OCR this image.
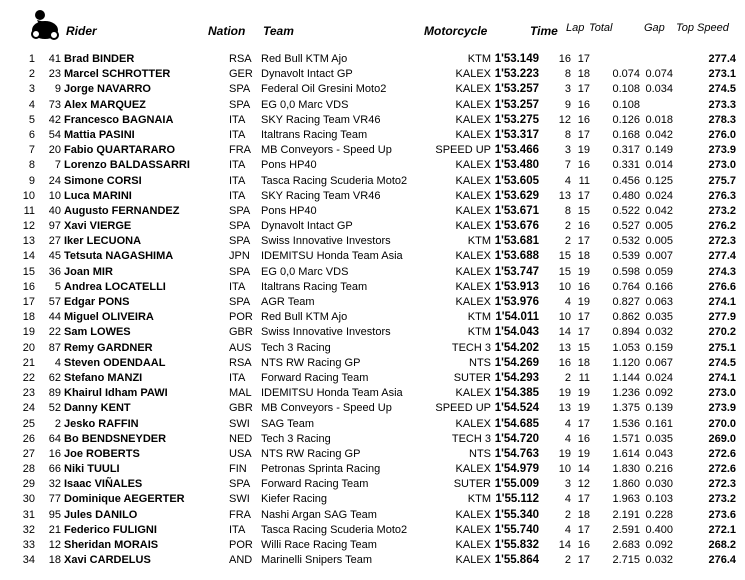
Rider	Nation Team	Motorcycle	Time Lap Total	Gap Top Speed
1 41 Brad BINDER	RSA Red Bull KTM Ajo	KTM 1'53.149 16 17	277.4
2 23 Marcel SCHROTTER	GER Dynavolt Intact GP	KALEX 1'53.223 8 18 0.074 0.074	273.1
3 9 Jorge NAVARRO	SPA Federal Oil Gresini Moto2	KALEX 1'53.257 3 17 0.108 0.034	274.5
4 73 Alex MARQUEZ	SPA EG 0,0 Marc VDS	KALEX 1'53.257 9 16 0.108	273.3
5 42 Francesco BAGNAIA	ITA SKY Racing Team VR46	KALEX 1'53.275 12 16 0.126 0.018	278.3
6 54 Mattia PASINI	ITA Italtrans Racing Team	KALEX 1'53.317 8 17 0.168 0.042	276.0
7 20 Fabio QUARTARARO	FRA MB Conveyors - Speed Up	SPEED UP 1'53.466 3 19 0.317 0.149	273.9
8 7 Lorenzo BALDASSARRI	ITA Pons HP40	KALEX 1'53.480 7 16 0.331 0.014	273.0
9 24 Simone CORSI	ITA Tasca Racing Scuderia Moto2	KALEX 1'53.605 4 11 0.456 0.125	275.7
10 10 Luca MARINI	ITA SKY Racing Team VR46	KALEX 1'53.629 13 17 0.480 0.024	276.3
11 40 Augusto FERNANDEZ	SPA Pons HP40	KALEX 1'53.671 8 15 0.522 0.042	273.2
12 97 Xavi VIERGE	SPA Dynavolt Intact GP	KALEX 1'53.676 2 16 0.527 0.005	276.2
13 27 Iker LECUONA	SPA Swiss Innovative Investors	KTM 1'53.681 2 17 0.532 0.005	272.3
14 45 Tetsuta NAGASHIMA	JPN IDEMITSU Honda Team Asia	KALEX 1'53.688 15 18 0.539 0.007	277.4
15 36 Joan MIR	SPA EG 0,0 Marc VDS	KALEX 1'53.747 15 19 0.598 0.059	274.3
16 5 Andrea LOCATELLI	ITA Italtrans Racing Team	KALEX 1'53.913 10 16 0.764 0.166	276.6
17 57 Edgar PONS	SPA AGR Team	KALEX 1'53.976 4 19 0.827 0.063	274.1
18 44 Miguel OLIVEIRA	POR Red Bull KTM Ajo	KTM 1'54.011 10 17 0.862 0.035	277.9
19 22 Sam LOWES	GBR Swiss Innovative Investors	KTM 1'54.043 14 17 0.894 0.032	270.2
20 87 Remy GARDNER	AUS Tech 3 Racing	TECH 3 1'54.202 13 15 1.053 0.159	275.1
21 4 Steven ODENDAAL	RSA NTS RW Racing GP	NTS 1'54.269 16 18 1.120 0.067	274.5
22 62 Stefano MANZI	ITA Forward Racing Team	SUTER 1'54.293 2 11 1.144 0.024	274.1
23 89 Khairul Idham PAWI	MAL IDEMITSU Honda Team Asia	KALEX 1'54.385 19 19 1.236 0.092	273.0
24 52 Danny KENT	GBR MB Conveyors - Speed Up	SPEED UP 1'54.524 13 19 1.375 0.139	273.9
25 2 Jesko RAFFIN	SWI SAG Team	KALEX 1'54.685 4 17 1.536 0.161	270.0
26 64 Bo BENDSNEYDER	NED Tech 3 Racing	TECH 3 1'54.720 4 16 1.571 0.035	269.0
27 16 Joe ROBERTS	USA NTS RW Racing GP	NTS 1'54.763 19 19 1.614 0.043	272.6
28 66 Niki TUULI	FIN Petronas Sprinta Racing	KALEX 1'54.979 10 14 1.830 0.216	272.6
29 32 Isaac VIÑALES	SPA Forward Racing Team	SUTER 1'55.009 3 12 1.860 0.030	272.3
30 77 Dominique AEGERTER	SWI Kiefer Racing	KTM 1'55.112 4 17 1.963 0.103	273.2
31 95 Jules DANILO	FRA Nashi Argan SAG Team	KALEX 1'55.340 2 18 2.191 0.228	273.6
32 21 Federico FULIGNI	ITA Tasca Racing Scuderia Moto2	KALEX 1'55.740 4 17 2.591 0.400	272.1
33 12 Sheridan MORAIS	POR Willi Race Racing Team	KALEX 1'55.832 14 16 2.683 0.092	268.2
34 18 Xavi CARDELUS	AND Marinelli Snipers Team	KALEX 1'55.864 2 17 2.715 0.032	276.4
